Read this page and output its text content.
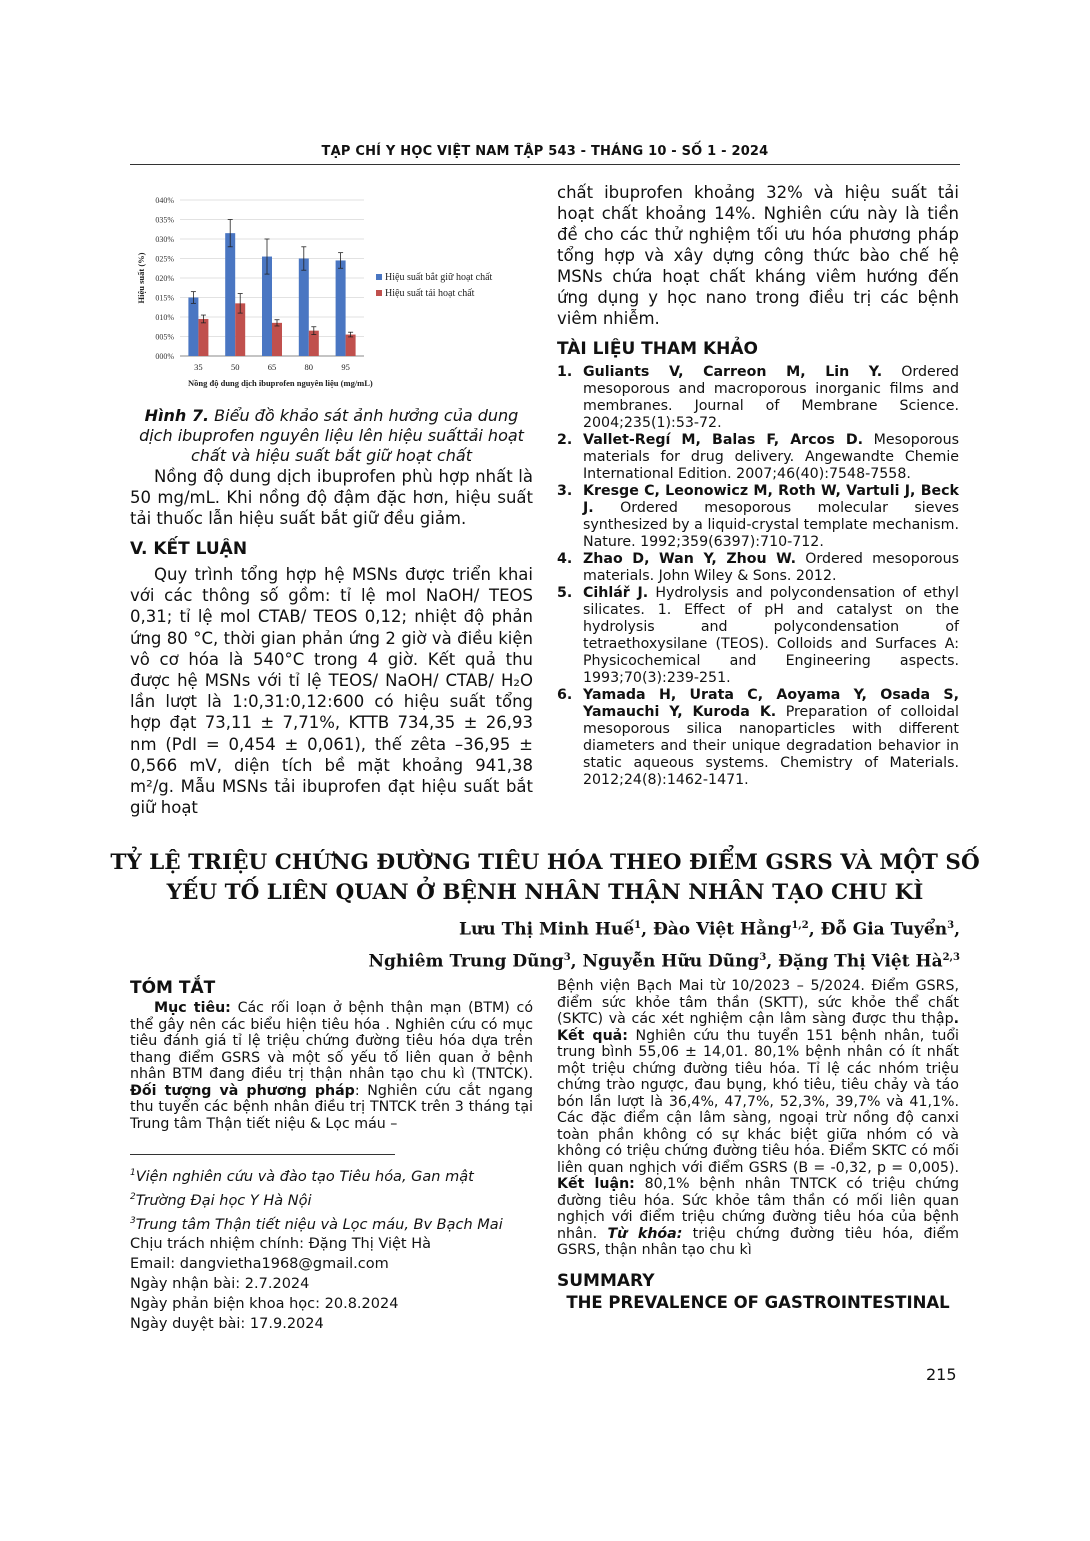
TẠP CHÍ Y HỌC VIỆT NAM TẬP 543 - THÁNG 10 - SỐ 1 - 2024
000%
005%
010%
015%
020%
025%
030%
035%
040%
35	50	65	80	95
Nồng độ dung dịch ibuprofen nguyên liệu (mg/mL)
Hiệu suất (%)	Hiệu suất bắt giữ hoạt chất
Hiệu suất tải hoạt chất
Hình 7. Biểu đồ khảo sát ảnh hưởng của dung dịch ibuprofen nguyên liệu lên hiệu suấttải hoạt chất và hiệu suất bắt giữ hoạt chất

Nồng độ dung dịch ibuprofen phù hợp nhất là 50 mg/mL. Khi nồng độ đậm đặc hơn, hiệu suất tải thuốc lẫn hiệu suất bắt giữ đều giảm.

V. KẾT LUẬN

Quy trình tổng hợp hệ MSNs được triển khai với các thông số gồm: tỉ lệ mol NaOH/ TEOS 0,31; tỉ lệ mol CTAB/ TEOS 0,12; nhiệt độ phản ứng 80 °C, thời gian phản ứng 2 giờ và điều kiện vô cơ hóa là 540°C trong 4 giờ. Kết quả thu được hệ MSNs với tỉ lệ TEOS/ NaOH/ CTAB/ H₂O lần lượt là 1:0,31:0,12:600 có hiệu suất tổng hợp đạt 73,11 ± 7,71%, KTTB 734,35 ± 26,93 nm (PdI = 0,454 ± 0,061), thế zêta –36,95 ± 0,566 mV, diện tích bề mặt khoảng 941,38 m²/g. Mẫu MSNs tải ibuprofen đạt hiệu suất bắt giữ hoạt

chất ibuprofen khoảng 32% và hiệu suất tải hoạt chất khoảng 14%. Nghiên cứu này là tiền đề cho các thử nghiệm tối ưu hóa phương pháp tổng hợp và xây dựng công thức bào chế hệ MSNs chứa hoạt chất kháng viêm hướng đến ứng dụng y học nano trong điều trị các bệnh viêm nhiễm.

TÀI LIỆU THAM KHẢO
1. Guliants V, Carreon M, Lin Y. Ordered mesoporous and macroporous inorganic films and membranes. Journal of Membrane Science. 2004;235(1):53-72.
2. Vallet-Regí M, Balas F, Arcos D. Mesoporous materials for drug delivery. Angewandte Chemie International Edition. 2007;46(40):7548-7558.
3. Kresge C, Leonowicz M, Roth W, Vartuli J, Beck J. Ordered mesoporous molecular sieves synthesized by a liquid-crystal template mechanism. Nature. 1992;359(6397):710-712.
4. Zhao D, Wan Y, Zhou W. Ordered mesoporous materials. John Wiley & Sons. 2012.
5. Cihlář J. Hydrolysis and polycondensation of ethyl silicates. 1. Effect of pH and catalyst on the hydrolysis and polycondensation of tetraethoxysilane (TEOS). Colloids and Surfaces A: Physicochemical and Engineering aspects. 1993;70(3):239-251.
6. Yamada H, Urata C, Aoyama Y, Osada S, Yamauchi Y, Kuroda K. Preparation of colloidal mesoporous silica nanoparticles with different diameters and their unique degradation behavior in static aqueous systems. Chemistry of Materials. 2012;24(8):1462-1471.
TỶ LỆ TRIỆU CHỨNG ĐƯỜNG TIÊU HÓA THEO ĐIỂM GSRS VÀ MỘT SỐ
YẾU TỐ LIÊN QUAN Ở BỆNH NHÂN THẬN NHÂN TẠO CHU KÌ
Lưu Thị Minh Huế$^1$, Đào Việt Hằng$^{1,2}$, Đỗ Gia Tuyển$^3$,
Nghiêm Trung Dũng$^3$, Nguyễn Hữu Dũng$^3$, Đặng Thị Việt Hà$^{2,3}$
TÓM TẮT

Mục tiêu: Các rối loạn ở bệnh thận mạn (BTM) có thể gây nên các biểu hiện tiêu hóa . Nghiên cứu có mục tiêu đánh giá tỉ lệ triệu chứng đường tiêu hóa dựa trên thang điểm GSRS và một số yếu tố liên quan ở bệnh nhân BTM đang điều trị thận nhân tạo chu kì (TNTCK). Đối tượng và phương pháp: Nghiên cứu cắt ngang thu tuyển các bệnh nhân điều trị TNTCK trên 3 tháng tại Trung tâm Thận tiết niệu & Lọc máu –

$^1$Viện nghiên cứu và đào tạo Tiêu hóa, Gan mật
$^2$Trường Đại học Y Hà Nội
$^3$Trung tâm Thận tiết niệu và Lọc máu, Bv Bạch Mai
Chịu trách nhiệm chính: Đặng Thị Việt Hà
Email: dangvietha1968@gmail.com
Ngày nhận bài: 2.7.2024
Ngày phản biện khoa học: 20.8.2024
Ngày duyệt bài: 17.9.2024

Bệnh viện Bạch Mai từ 10/2023 – 5/2024. Điểm GSRS, điểm sức khỏe tâm thần (SKTT), sức khỏe thể chất (SKTC) và các xét nghiệm cận lâm sàng được thu thập. Kết quả: Nghiên cứu thu tuyển 151 bệnh nhân, tuổi trung bình 55,06 ± 14,01. 80,1% bệnh nhân có ít nhất một triệu chứng đường tiêu hóa. Tỉ lệ các nhóm triệu chứng trào ngược, đau bụng, khó tiêu, tiêu chảy và táo bón lần lượt là 36,4%, 47,7%, 52,3%, 39,7% và 41,1%. Các đặc điểm cận lâm sàng, ngoại trừ nồng độ canxi toàn phần không có sự khác biệt giữa nhóm có và không có triệu chứng đường tiêu hóa. Điểm SKTC có mối liên quan nghịch với điểm GSRS (B = -0,32, p = 0,005). Kết luận: 80,1% bệnh nhân TNTCK có triệu chứng đường tiêu hóa. Sức khỏe tâm thần có mối liên quan nghịch với điểm triệu chứng đường tiêu hóa của bệnh nhân. Từ khóa: triệu chứng đường tiêu hóa, điểm GSRS, thận nhân tạo chu kì

SUMMARY
THE PREVALENCE OF GASTROINTESTINAL
215
